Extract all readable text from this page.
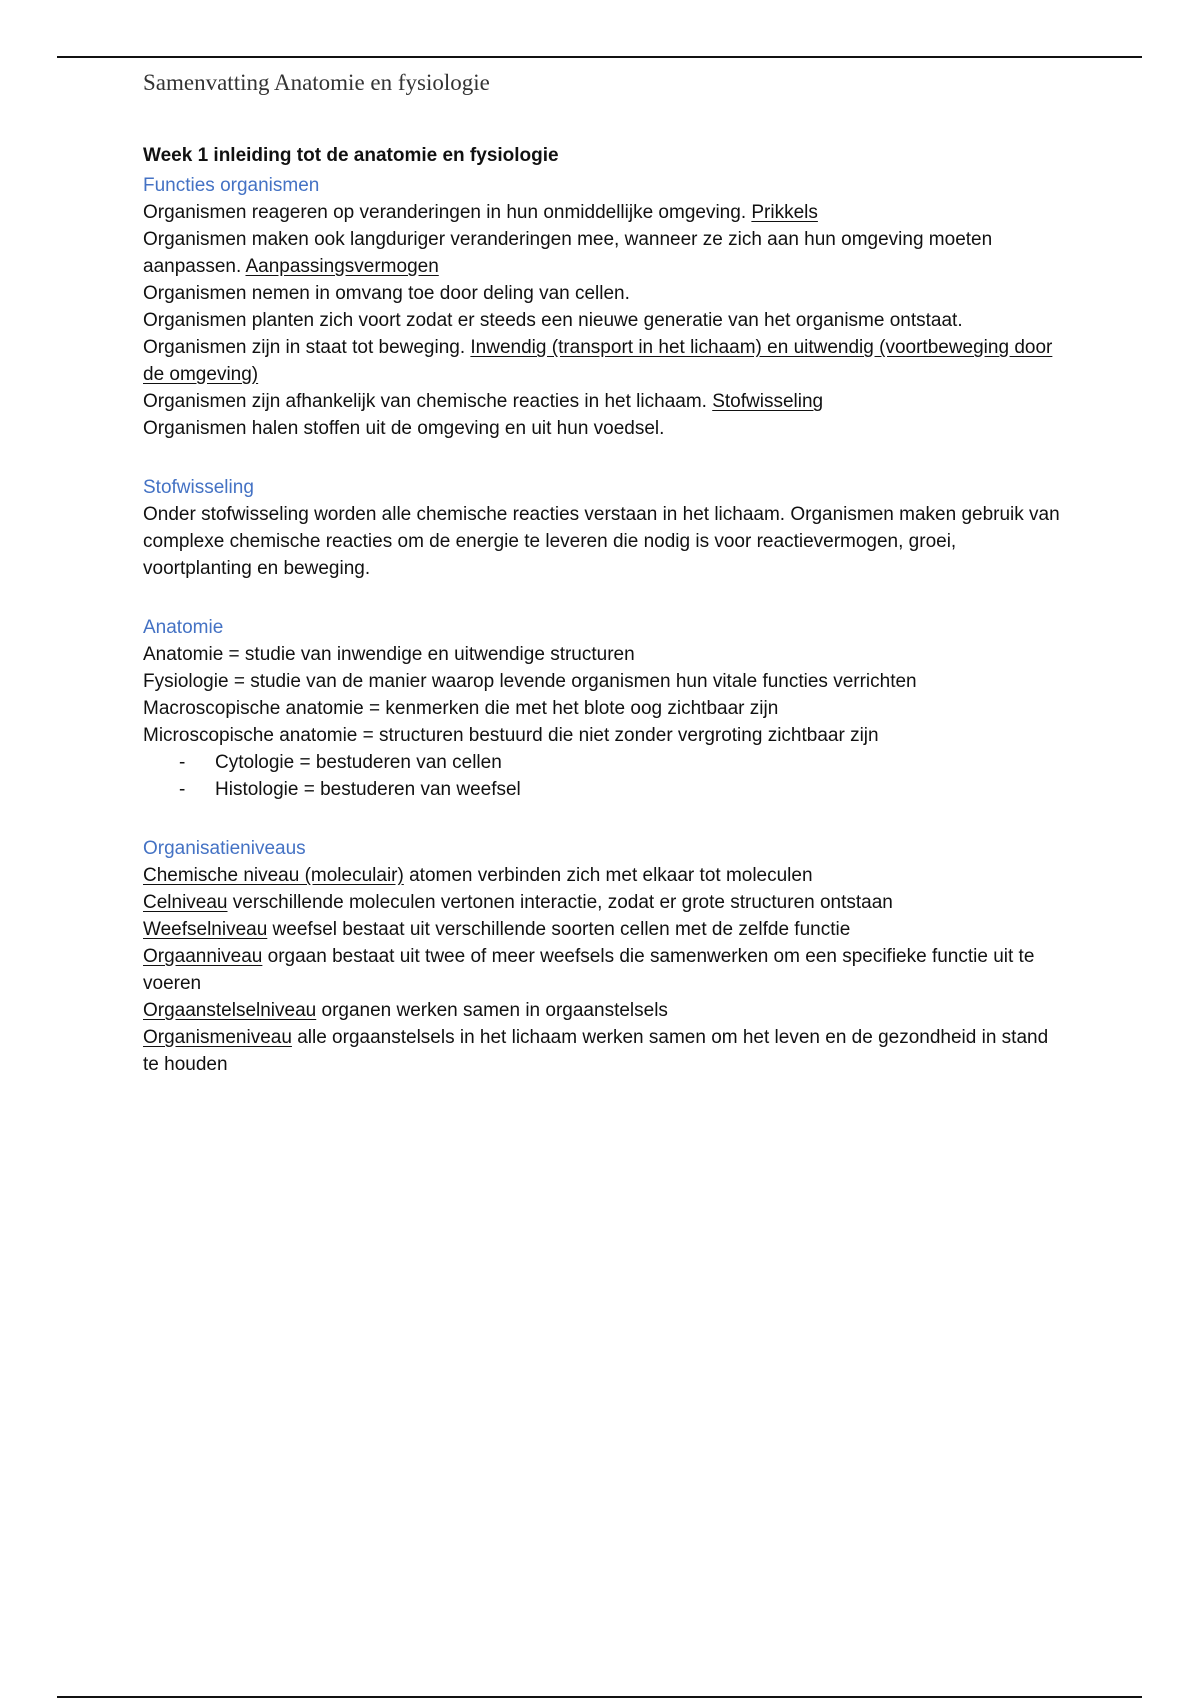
Samenvatting Anatomie en fysiologie

Week 1 inleiding tot de anatomie en fysiologie

Functies organismen

Organismen reageren op veranderingen in hun onmiddellijke omgeving. Prikkels

Organismen maken ook langduriger veranderingen mee, wanneer ze zich aan hun omgeving moeten aanpassen. Aanpassingsvermogen

Organismen nemen in omvang toe door deling van cellen.

Organismen planten zich voort zodat er steeds een nieuwe generatie van het organisme ontstaat.

Organismen zijn in staat tot beweging. Inwendig (transport in het lichaam) en uitwendig (voortbeweging door de omgeving)

Organismen zijn afhankelijk van chemische reacties in het lichaam. Stofwisseling

Organismen halen stoffen uit de omgeving en uit hun voedsel.

Stofwisseling

Onder stofwisseling worden alle chemische reacties verstaan in het lichaam. Organismen maken gebruik van complexe chemische reacties om de energie te leveren die nodig is voor reactievermogen, groei, voortplanting en beweging.

Anatomie

Anatomie = studie van inwendige en uitwendige structuren

Fysiologie = studie van de manier waarop levende organismen hun vitale functies verrichten

Macroscopische anatomie = kenmerken die met het blote oog zichtbaar zijn

Microscopische anatomie = structuren bestuurd die niet zonder vergroting zichtbaar zijn

- Cytologie = bestuderen van cellen
- Histologie = bestuderen van weefsel

Organisatieniveaus

Chemische niveau (moleculair) atomen verbinden zich met elkaar tot moleculen

Celniveau verschillende moleculen vertonen interactie, zodat er grote structuren ontstaan

Weefselniveau weefsel bestaat uit verschillende soorten cellen met de zelfde functie

Orgaanniveau orgaan bestaat uit twee of meer weefsels die samenwerken om een specifieke functie uit te voeren

Orgaanstelselniveau organen werken samen in orgaanstelsels

Organismeniveau alle orgaanstelsels in het lichaam werken samen om het leven en de gezondheid in stand te houden
